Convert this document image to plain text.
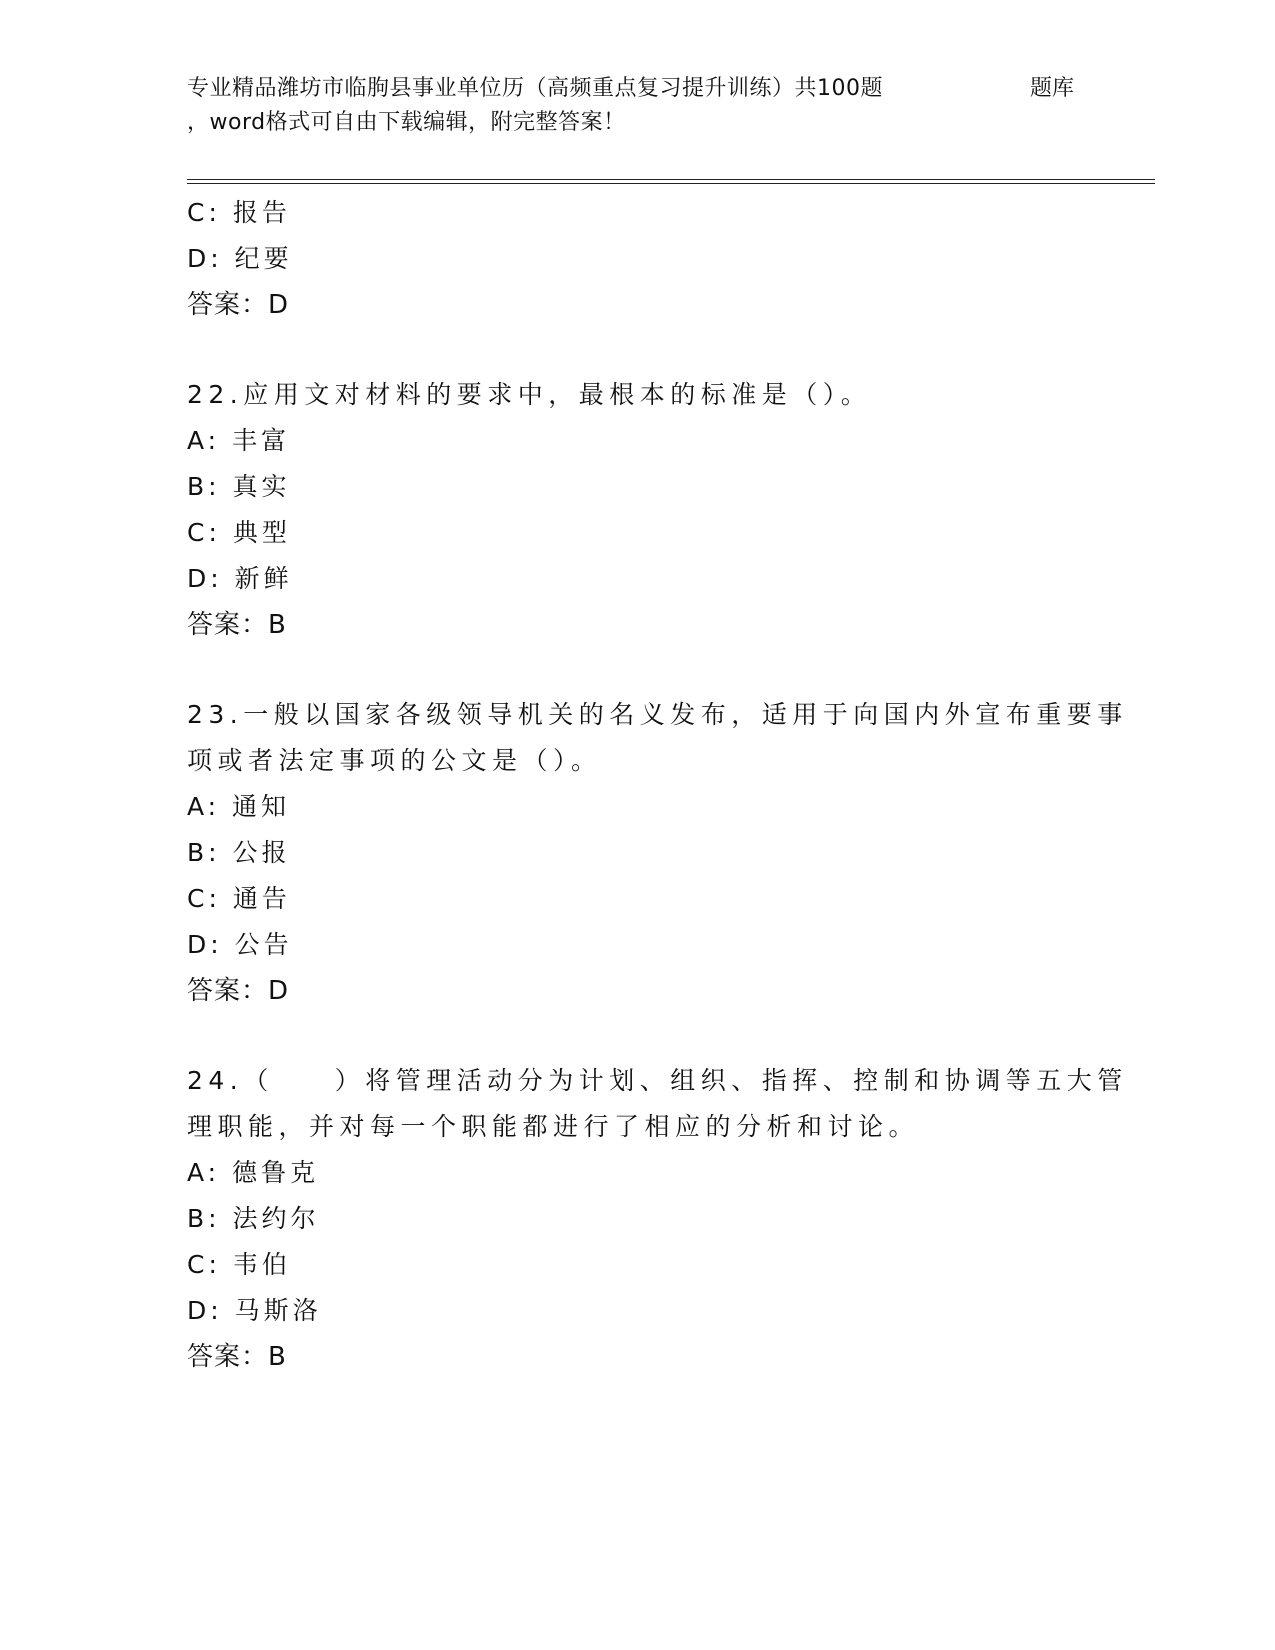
专业精品潍坊市临朐县事业单位历（高频重点复习提升训练）共100题	题库
，word格式可自由下载编辑，附完整答案！
C: 报告
D: 纪要
答案：D
22.应用文对材料的要求中，最根本的标准是（）。
A: 丰富
B: 真实
C: 典型
D: 新鲜
答案：B
23.一般以国家各级领导机关的名义发布，适用于向国内外宣布重要事
项或者法定事项的公文是（）。
A: 通知
B: 公报
C: 通告
D: 公告
答案：D
24.（　　）将管理活动分为计划、组织、指挥、控制和协调等五大管
理职能，并对每一个职能都进行了相应的分析和讨论。
A: 德鲁克
B: 法约尔
C: 韦伯
D: 马斯洛
答案：B
